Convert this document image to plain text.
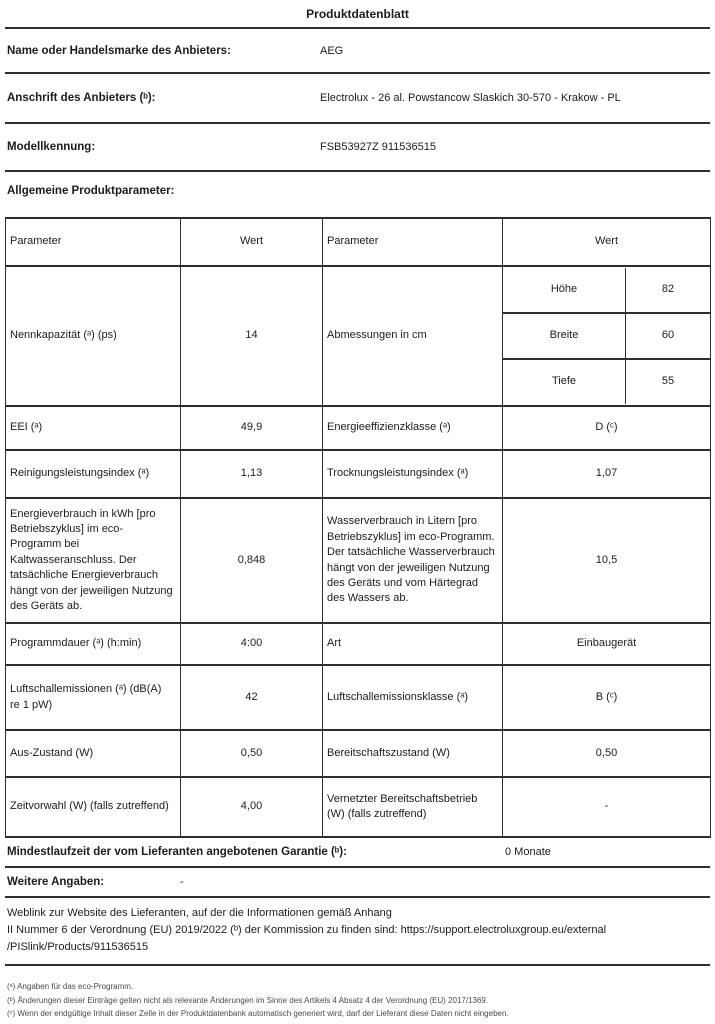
Produktdatenblatt
Name oder Handelsmarke des Anbieters:	AEG
Anschrift des Anbieters (ᵇ):	Electrolux - 26 al. Powstancow Slaskich 30-570 - Krakow - PL
Modellkennung:	FSB53927Z 911536515
Allgemeine Produktparameter:
Parameter	Wert	Parameter	Wert
Nennkapazität (ᵃ) (ps)	14	Abmessungen in cm	
Höhe	82
Breite	60
Tiefe	55

EEI (ᵃ)	49,9	Energieeffizienzklasse (ᵃ)	D (ᶜ)
Reinigungsleistungsindex (ᵃ)	1,13	Trocknungsleistungsindex (ᵃ)	1,07
Energieverbrauch in kWh [pro Betriebszyklus] im eco-Programm bei Kaltwasseranschluss. Der tatsächliche Energieverbrauch hängt von der jeweiligen Nutzung des Geräts ab.	0,848	Wasserverbrauch in Litern [pro Betriebszyklus] im eco-Programm. Der tatsächliche Wasserverbrauch hängt von der jeweiligen Nutzung des Geräts und vom Härtegrad des Wassers ab.	10,5
Programmdauer (ᵃ) (h:min)	4:00	Art	Einbaugerät
Luftschallemissionen (ᵃ) (dB(A) re 1 pW)	42	Luftschallemissionsklasse (ᵃ)	B (ᶜ)
Aus-Zustand (W)	0,50	Bereitschaftszustand (W)	0,50
Zeitvorwahl (W) (falls zutreffend)	4,00	Vernetzter Bereitschaftsbetrieb (W) (falls zutreffend)	-
Mindestlaufzeit der vom Lieferanten angebotenen Garantie (ᵇ):	0 Monate
Weitere Angaben:	-
Weblink zur Website des Lieferanten, auf der die Informationen gemäß Anhang
II Nummer 6 der Verordnung (EU) 2019/2022 (ᵇ) der Kommission zu finden sind: https://support.electroluxgroup.eu/external
/PISlink/Products/911536515
(ᵃ) Angaben für das eco-Programm.
(ᵇ) Änderungen dieser Einträge gelten nicht als relevante Änderungen im Sinne des Artikels 4 Absatz 4 der Verordnung (EU) 2017/1369.
(ᶜ) Wenn der endgültige Inhalt dieser Zelle in der Produktdatenbank automatisch generiert wird, darf der Lieferant diese Daten nicht eingeben.
